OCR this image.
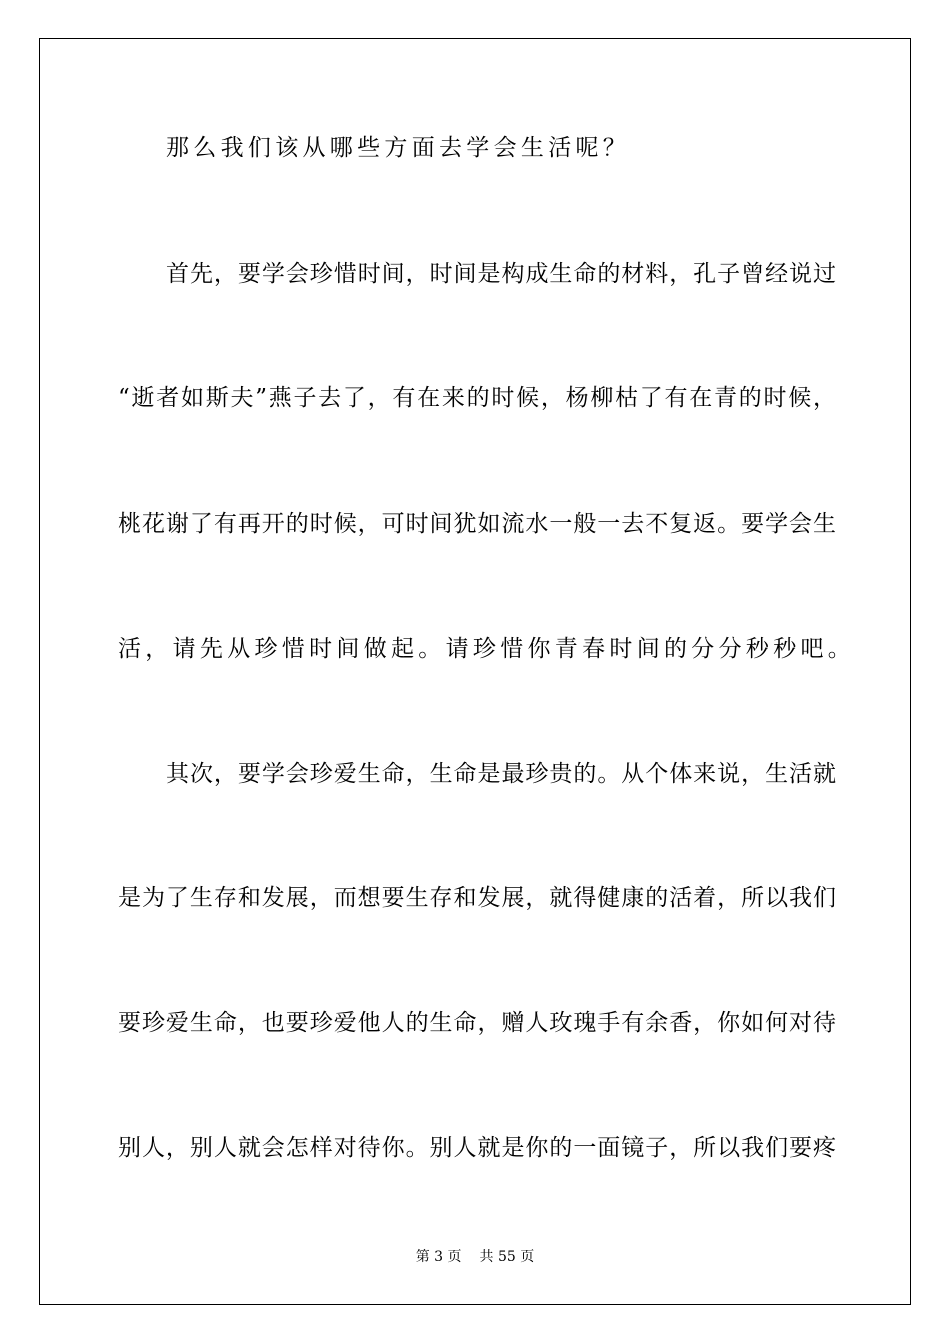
那么我们该从哪些方面去学会生活呢？
首先，要学会珍惜时间，时间是构成生命的材料，孔子曾经说过
“逝者如斯夫”燕子去了，有在来的时候，杨柳枯了有在青的时候，
桃花谢了有再开的时候，可时间犹如流水一般一去不复返。要学会生
活，请先从珍惜时间做起。请珍惜你青春时间的分分秒秒吧。
其次，要学会珍爱生命，生命是最珍贵的。从个体来说，生活就
是为了生存和发展，而想要生存和发展，就得健康的活着，所以我们
要珍爱生命，也要珍爱他人的生命，赠人玫瑰手有余香，你如何对待
别人，别人就会怎样对待你。别人就是你的一面镜子，所以我们要疼
第 3 页 共 55 页
